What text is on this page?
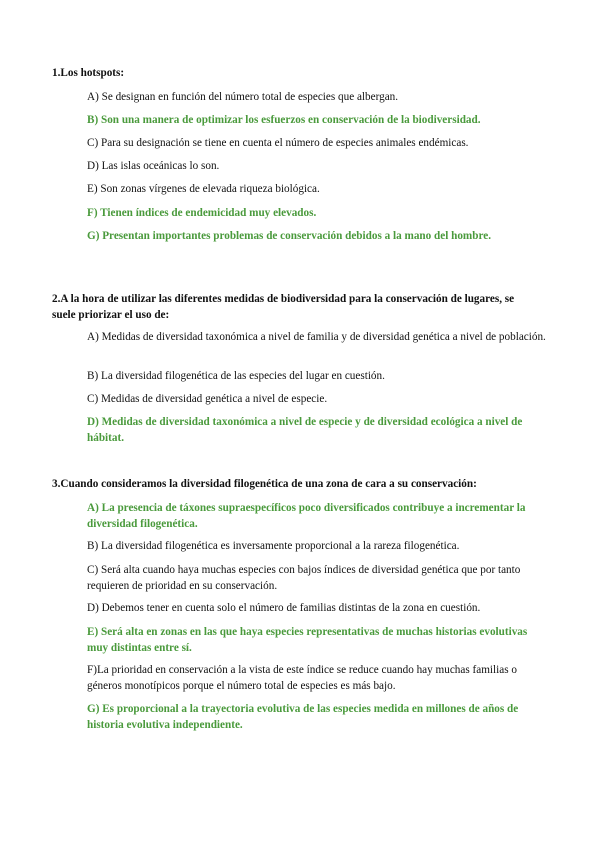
1.Los hotspots:

A) Se designan en función del número total de especies que albergan.

B) Son una manera de optimizar los esfuerzos en conservación de la biodiversidad.

C) Para su designación se tiene en cuenta el número de especies animales endémicas.

D) Las islas oceánicas lo son.

E) Son zonas vírgenes de elevada riqueza biológica.

F) Tienen índices de endemicidad muy elevados.

G) Presentan importantes problemas de conservación debidos a la mano del hombre.

2.A la hora de utilizar las diferentes medidas de biodiversidad para la conservación de lugares, se suele priorizar el uso de:

A) Medidas de diversidad taxonómica a nivel de familia y de diversidad genética a nivel de población.

B) La diversidad filogenética de las especies del lugar en cuestión.

C) Medidas de diversidad genética a nivel de especie.

D) Medidas de diversidad taxonómica a nivel de especie y de diversidad ecológica a nivel de hábitat.

3.Cuando consideramos la diversidad filogenética de una zona de cara a su conservación:

A) La presencia de táxones supraespecíficos poco diversificados contribuye a incrementar la diversidad filogenética.

B) La diversidad filogenética es inversamente proporcional a la rareza filogenética.

C) Será alta cuando haya muchas especies con bajos índices de diversidad genética que por tanto requieren de prioridad en su conservación.

D) Debemos tener en cuenta solo el número de familias distintas de la zona en cuestión.

E) Será alta en zonas en las que haya especies representativas de muchas historias evolutivas muy distintas entre sí.

F)La prioridad en conservación a la vista de este índice se reduce cuando hay muchas familias o géneros monotípicos porque el número total de especies es más bajo.

G) Es proporcional a la trayectoria evolutiva de las especies medida en millones de años de historia evolutiva independiente.
